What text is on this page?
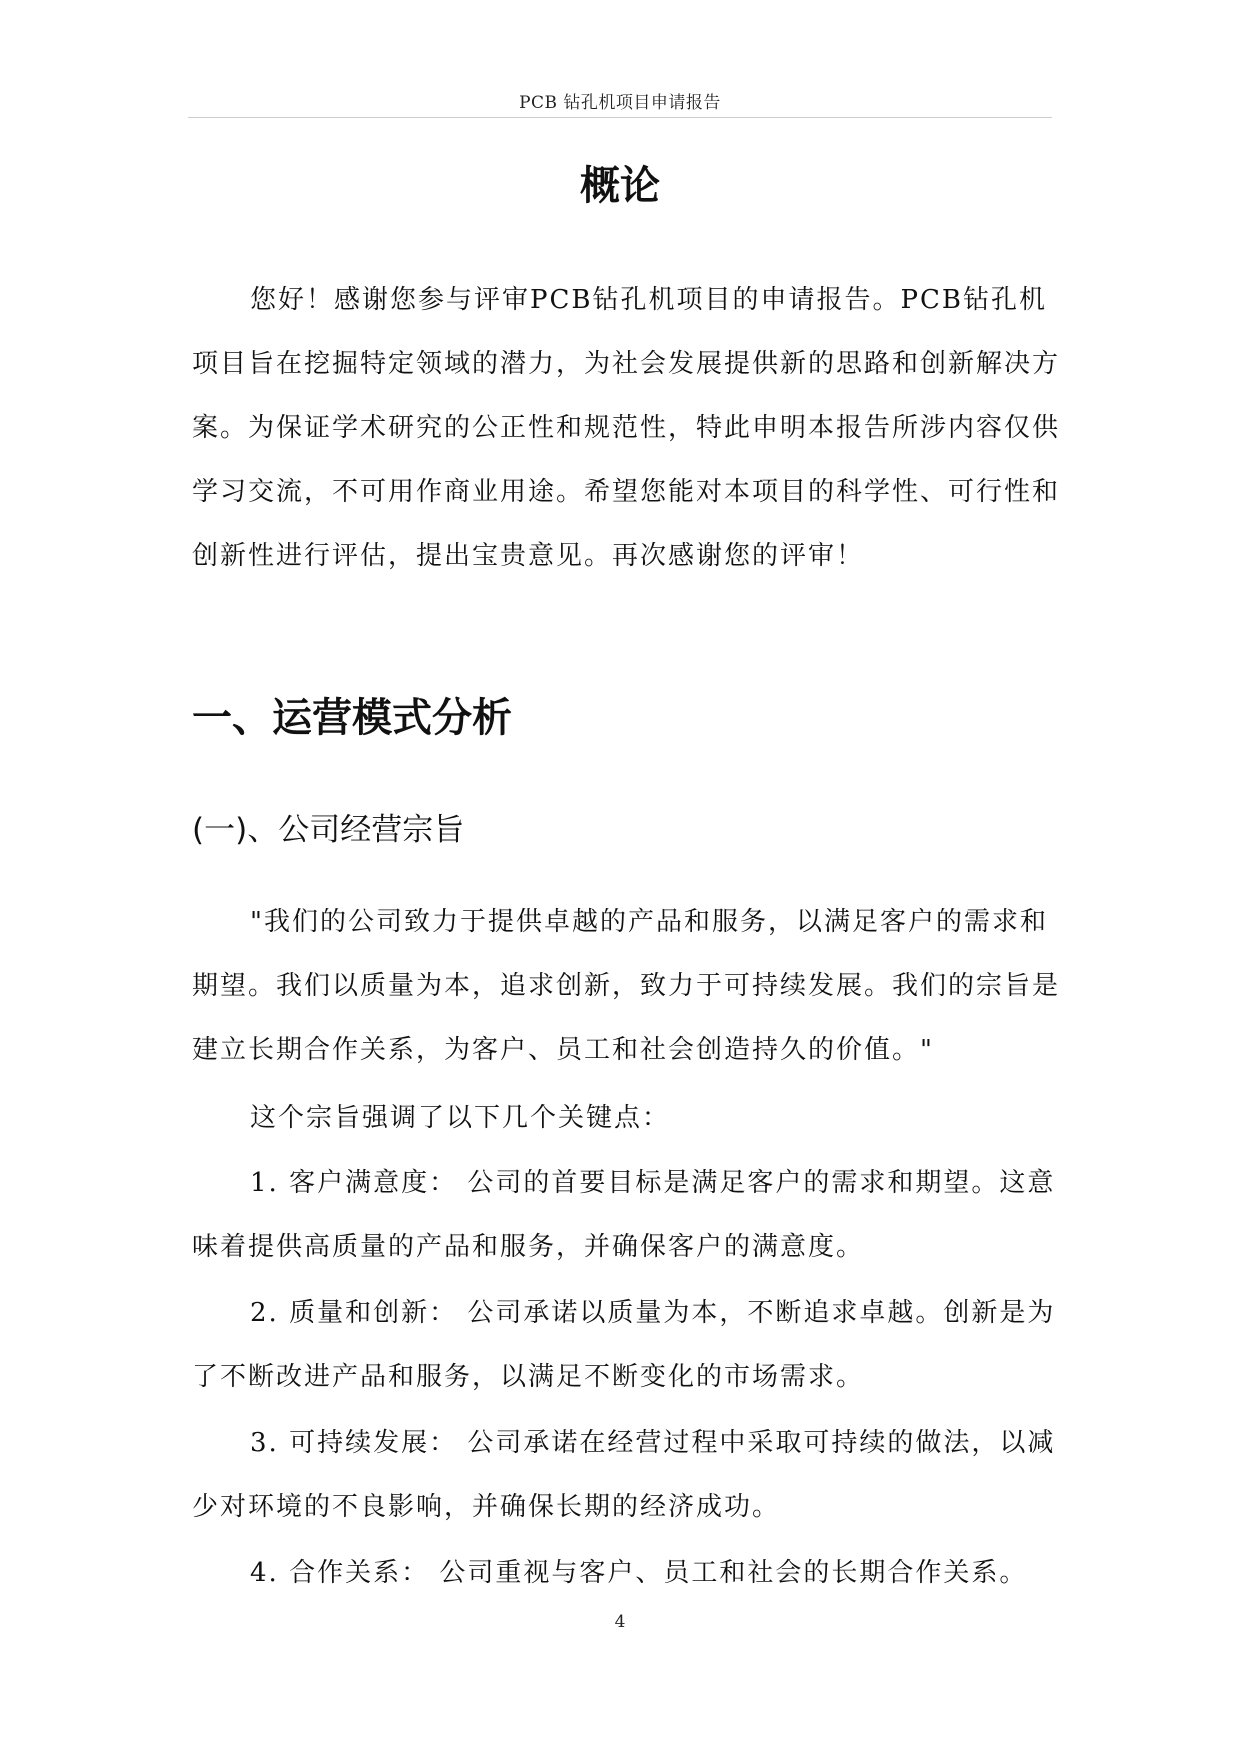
PCB 钻孔机项目申请报告
概论

您好！感谢您参与评审PCB钻孔机项目的申请报告。PCB钻孔机项目旨在挖掘特定领域的潜力，为社会发展提供新的思路和创新解决方案。为保证学术研究的公正性和规范性，特此申明本报告所涉内容仅供学习交流，不可用作商业用途。希望您能对本项目的科学性、可行性和创新性进行评估，提出宝贵意见。再次感谢您的评审！

一、运营模式分析
(一)、公司经营宗旨

"我们的公司致力于提供卓越的产品和服务，以满足客户的需求和期望。我们以质量为本，追求创新，致力于可持续发展。我们的宗旨是建立长期合作关系，为客户、员工和社会创造持久的价值。"

这个宗旨强调了以下几个关键点：

1. 客户满意度： 公司的首要目标是满足客户的需求和期望。这意味着提供高质量的产品和服务，并确保客户的满意度。

2. 质量和创新： 公司承诺以质量为本，不断追求卓越。创新是为了不断改进产品和服务，以满足不断变化的市场需求。

3. 可持续发展： 公司承诺在经营过程中采取可持续的做法，以减少对环境的不良影响，并确保长期的经济成功。

4. 合作关系： 公司重视与客户、员工和社会的长期合作关系。

4
